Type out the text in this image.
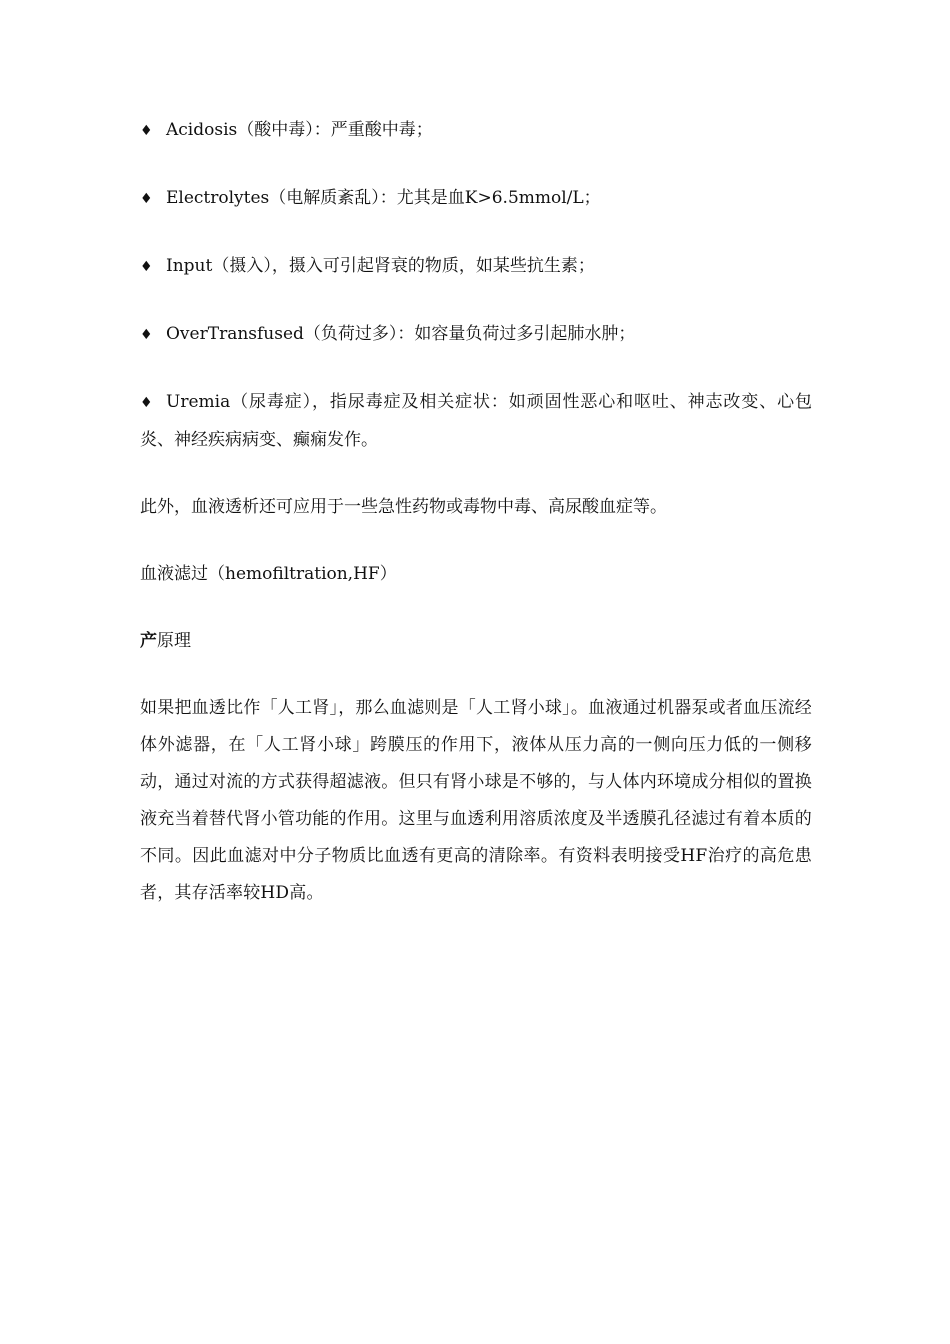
♦ Acidosis（酸中毒）：严重酸中毒；

♦ Electrolytes（电解质紊乱）：尤其是血K>6.5mmol/L；

♦ Input（摄入），摄入可引起肾衰的物质，如某些抗生素；

♦ OverTransfused（负荷过多）：如容量负荷过多引起肺水肿；

♦ Uremia（尿毒症），指尿毒症及相关症状：如顽固性恶心和呕吐、神志改变、心包炎、神经疾病病变、癫痫发作。

此外，血液透析还可应用于一些急性药物或毒物中毒、高尿酸血症等。

血液滤过（hemofiltration,HF）

产原理

如果把血透比作「人工肾」，那么血滤则是「人工肾小球」。血液通过机器泵或者血压流经体外滤器，在「人工肾小球」跨膜压的作用下，液体从压力高的一侧向压力低的一侧移动，通过对流的方式获得超滤液。但只有肾小球是不够的，与人体内环境成分相似的置换液充当着替代肾小管功能的作用。这里与血透利用溶质浓度及半透膜孔径滤过有着本质的不同。因此血滤对中分子物质比血透有更高的清除率。有资料表明接受HF治疗的高危患者，其存活率较HD高。
